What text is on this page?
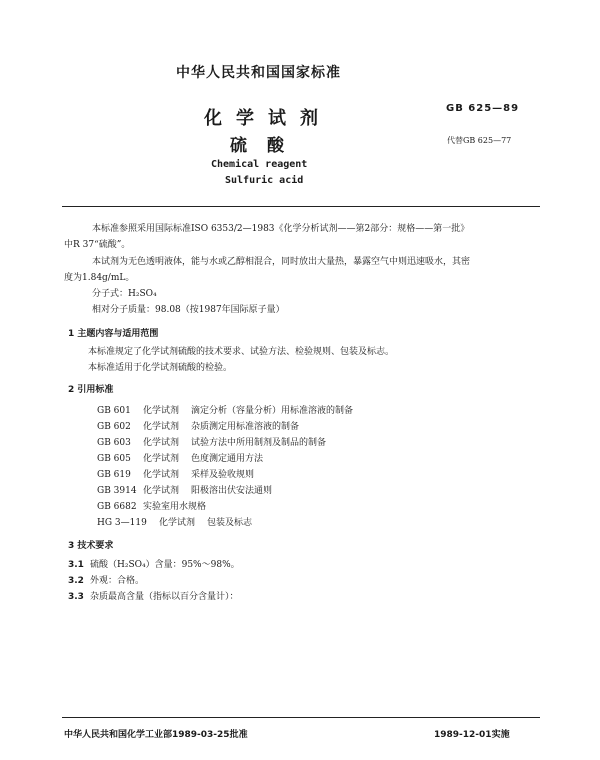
中华人民共和国国家标准
化学试剂
硫酸
GB 625—89
代替GB 625—77
Chemical reagent
Sulfuric acid
本标准参照采用国际标准ISO 6353/2—1983《化学分析试剂——第2部分：规格——第一批》
中R 37“硫酸”。
本试剂为无色透明液体，能与水或乙醇相混合，同时放出大量热，暴露空气中则迅速吸水，其密
度为1.84g/mL。
分子式：H₂SO₄
相对分子质量：98.08（按1987年国际原子量）
1 主题内容与适用范围
本标准规定了化学试剂硫酸的技术要求、试验方法、检验规则、包装及标志。
本标准适用于化学试剂硫酸的检验。
2 引用标准
GB 601 化学试剂 滴定分析（容量分析）用标准溶液的制备
GB 602 化学试剂 杂质测定用标准溶液的制备
GB 603 化学试剂 试验方法中所用制剂及制品的制备
GB 605 化学试剂 色度测定通用方法
GB 619 化学试剂 采样及验收规则
GB 3914 化学试剂 阳极溶出伏安法通则
GB 6682 实验室用水规格
HG 3—119 化学试剂 包装及标志
3 技术要求
3.1 硫酸（H₂SO₄）含量：95%～98%。
3.2 外观：合格。
3.3 杂质最高含量（指标以百分含量计）：
中华人民共和国化学工业部1989-03-25批准	1989-12-01实施
